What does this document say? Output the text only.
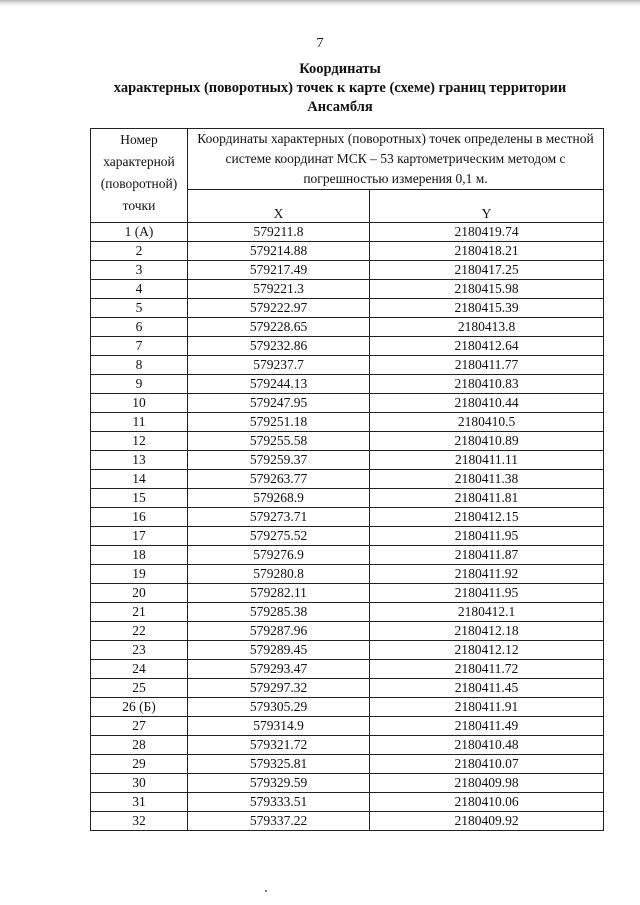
7
Координаты
характерных (поворотных) точек к карте (схеме) границ территории
Ансамбля
Номер характерной (поворотной) точки	Координаты характерных (поворотных) точек определены в местной системе координат МСК – 53 картометрическим методом с погрешностью измерения 0,1 м.	
	X	Y
1 (А)	579211.8	2180419.74
2	579214.88	2180418.21
3	579217.49	2180417.25
4	579221.3	2180415.98
5	579222.97	2180415.39
6	579228.65	2180413.8
7	579232.86	2180412.64
8	579237.7	2180411.77
9	579244.13	2180410.83
10	579247.95	2180410.44
11	579251.18	2180410.5
12	579255.58	2180410.89
13	579259.37	2180411.11
14	579263.77	2180411.38
15	579268.9	2180411.81
16	579273.71	2180412.15
17	579275.52	2180411.95
18	579276.9	2180411.87
19	579280.8	2180411.92
20	579282.11	2180411.95
21	579285.38	2180412.1
22	579287.96	2180412.18
23	579289.45	2180412.12
24	579293.47	2180411.72
25	579297.32	2180411.45
26 (Б)	579305.29	2180411.91
27	579314.9	2180411.49
28	579321.72	2180410.48
29	579325.81	2180410.07
30	579329.59	2180409.98
31	579333.51	2180410.06
32	579337.22	2180409.92
